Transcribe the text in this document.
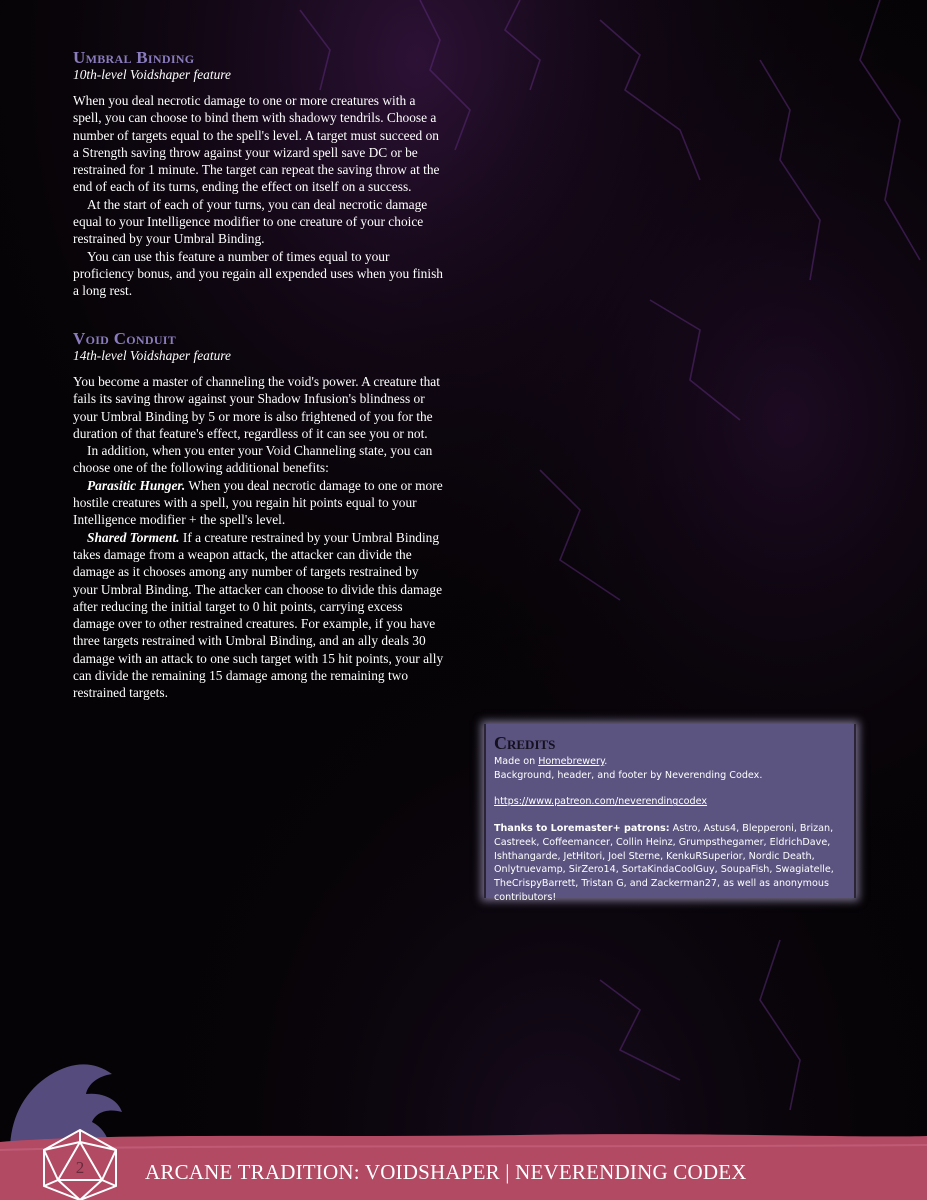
Umbral Binding
10th-level Voidshaper feature

When you deal necrotic damage to one or more creatures with a spell, you can choose to bind them with shadowy tendrils. Choose a number of targets equal to the spell's level. A target must succeed on a Strength saving throw against your wizard spell save DC or be restrained for 1 minute. The target can repeat the saving throw at the end of each of its turns, ending the effect on itself on a success.

At the start of each of your turns, you can deal necrotic damage equal to your Intelligence modifier to one creature of your choice restrained by your Umbral Binding.

You can use this feature a number of times equal to your proficiency bonus, and you regain all expended uses when you finish a long rest.

Void Conduit
14th-level Voidshaper feature

You become a master of channeling the void's power. A creature that fails its saving throw against your Shadow Infusion's blindness or your Umbral Binding by 5 or more is also frightened of you for the duration of that feature's effect, regardless of it can see you or not.

In addition, when you enter your Void Channeling state, you can choose one of the following additional benefits:

Parasitic Hunger. When you deal necrotic damage to one or more hostile creatures with a spell, you regain hit points equal to your Intelligence modifier + the spell's level.

Shared Torment. If a creature restrained by your Umbral Binding takes damage from a weapon attack, the attacker can divide the damage as it chooses among any number of targets restrained by your Umbral Binding. The attacker can choose to divide this damage after reducing the initial target to 0 hit points, carrying excess damage over to other restrained creatures. For example, if you have three targets restrained with Umbral Binding, and an ally deals 30 damage with an attack to one such target with 15 hit points, your ally can divide the remaining 15 damage among the remaining two restrained targets.

Credits
Made on Homebrewery.
Background, header, and footer by Neverending Codex.
https://www.patreon.com/neverendingcodex
Thanks to Loremaster+ patrons: Astro, Astus4, Blepperoni, Brizan, Castreek, Coffeemancer, Collin Heinz, Grumpsthegamer, EldrichDave, Ishthangarde, JetHitori, Joel Sterne, KenkuRSuperior, Nordic Death, Onlytruevamp, SirZero14, SortaKindaCoolGuy, SoupaFish, Swagiatelle, TheCrispyBarrett, Tristan G, and Zackerman27, as well as anonymous contributors!
2	ARCANE TRADITION: VOIDSHAPER | NEVERENDING CODEX
